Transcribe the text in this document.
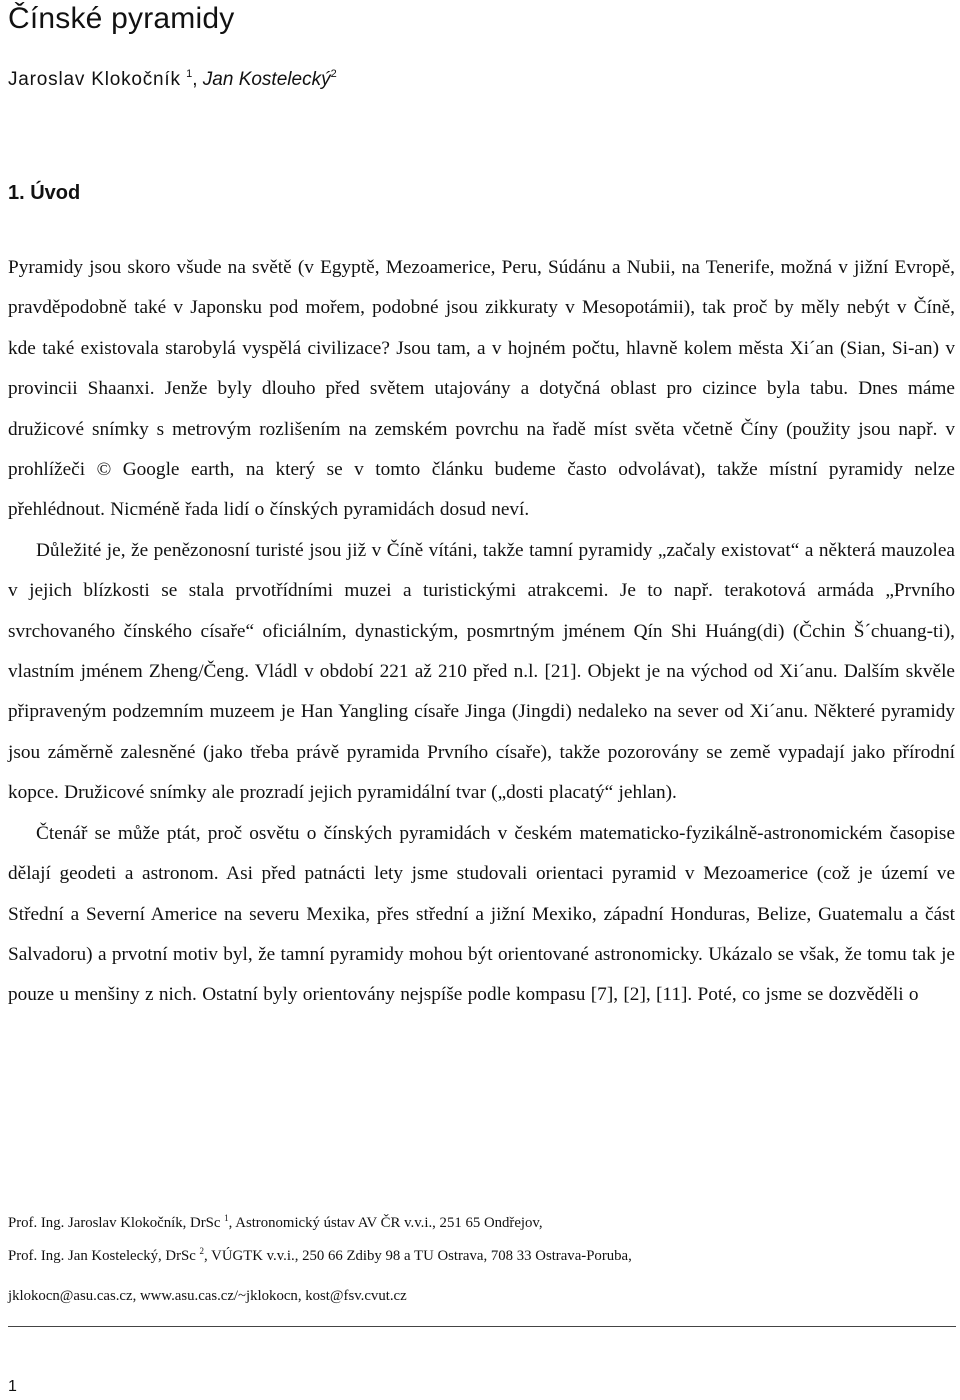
Čínské pyramidy
Jaroslav Klokočník $^1$, Jan Kostelecký$^2$
1. Úvod

Pyramidy jsou skoro všude na světě (v Egyptě, Mezoamerice, Peru, Súdánu a Nubii, na Tenerife, možná v jižní Evropě, pravděpodobně také v Japonsku pod mořem, podobné jsou zikkuraty v Mesopotámii), tak proč by měly nebýt v Číně, kde také existovala starobylá vyspělá civilizace? Jsou tam, a v hojném počtu, hlavně kolem města Xi´an (Sian, Si-an) v provincii Shaanxi. Jenže byly dlouho před světem utajovány a dotyčná oblast pro cizince byla tabu. Dnes máme družicové snímky s metrovým rozlišením na zemském povrchu na řadě míst světa včetně Číny (použity jsou např. v prohlížeči © Google earth, na který se v tomto článku budeme často odvolávat), takže místní pyramidy nelze přehlédnout. Nicméně řada lidí o čínských pyramidách dosud neví.

Důležité je, že penězonosní turisté jsou již v Číně vítáni, takže tamní pyramidy „začaly existovat“ a některá mauzolea v jejich blízkosti se stala prvotřídními muzei a turistickými atrakcemi. Je to např. terakotová armáda „Prvního svrchovaného čínského císaře“ oficiálním, dynastickým, posmrtným jménem Qín Shi Huáng(di) (Čchin Š´chuang-ti), vlastním jménem Zheng/Čeng. Vládl v období 221 až 210 před n.l. [21]. Objekt je na východ od Xi´anu. Dalším skvěle připraveným podzemním muzeem je Han Yangling císaře Jinga (Jingdi) nedaleko na sever od Xi´anu. Některé pyramidy jsou záměrně zalesněné (jako třeba právě pyramida Prvního císaře), takže pozorovány se země vypadají jako přírodní kopce. Družicové snímky ale prozradí jejich pyramidální tvar („dosti placatý“ jehlan).

Čtenář se může ptát, proč osvětu o čínských pyramidách v českém matematicko-fyzikálně-astronomickém časopise dělají geodeti a astronom. Asi před patnácti lety jsme studovali orientaci pyramid v Mezoamerice (což je území ve Střední a Severní Americe na severu Mexika, přes střední a jižní Mexiko, západní Honduras, Belize, Guatemalu a část Salvadoru) a prvotní motiv byl, že tamní pyramidy mohou být orientované astronomicky. Ukázalo se však, že tomu tak je pouze u menšiny z nich. Ostatní byly orientovány nejspíše podle kompasu [7], [2], [11]. Poté, co jsme se dozvěděli o

Prof. Ing. Jaroslav Klokočník, DrSc $^1$, Astronomický ústav AV ČR v.v.i., 251 65 Ondřejov,
Prof. Ing. Jan Kostelecký, DrSc $^2$, VÚGTK v.v.i., 250 66 Zdiby 98 a TU Ostrava, 708 33 Ostrava-Poruba,
jklokocn@asu.cas.cz, www.asu.cas.cz/~jklokocn, kost@fsv.cvut.cz
1
